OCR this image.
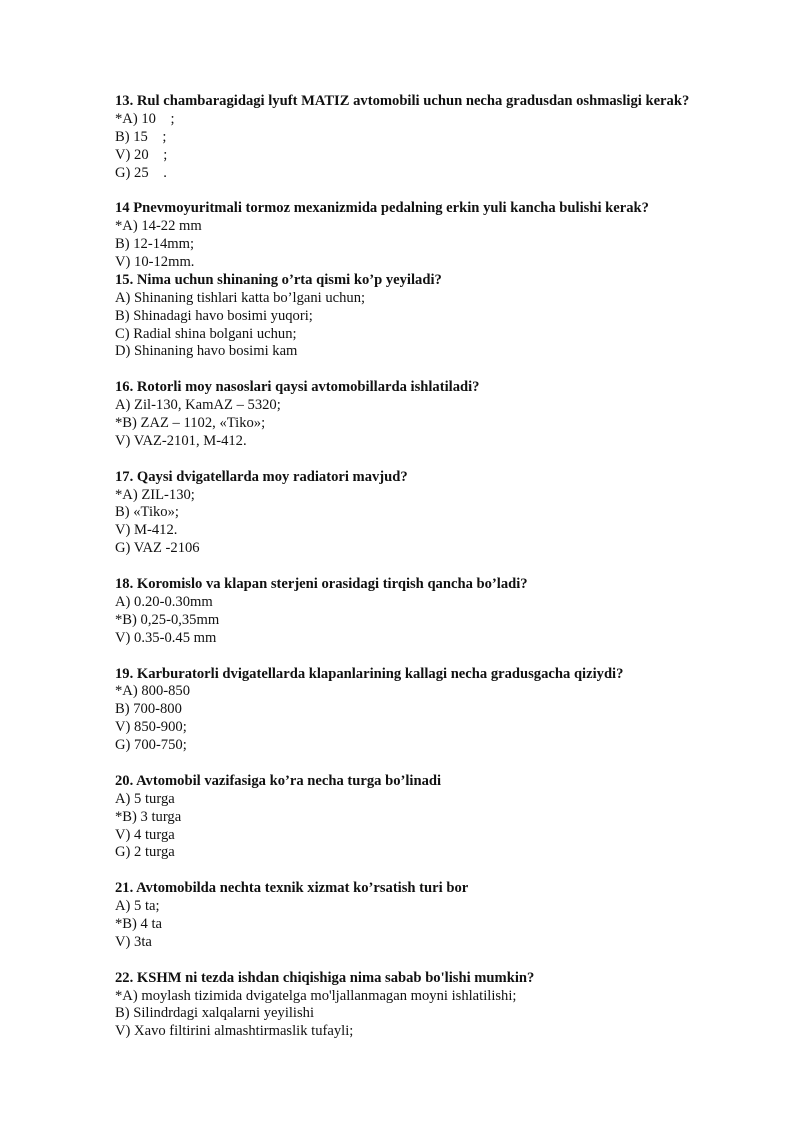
13. Rul chambaragidagi lyuft MATIZ avtomobili uchun necha gradusdan oshmasligi kerak?
*A) 10    ;
B) 15    ;
V) 20    ;
G) 25    .
14 Pnevmoyuritmali tormoz mexanizmida pedalning erkin yuli kancha bulishi kerak?
*A) 14-22 mm
B) 12-14mm;
V) 10-12mm.
15. Nima uchun shinaning o’rta qismi ko’p yeyiladi?
A) Shinaning tishlari katta bo’lgani uchun;
B) Shinadagi havo bosimi yuqori;
C) Radial shina bolgani uchun;
D) Shinaning havo bosimi kam
16. Rotorli moy nasoslari qaysi avtomobillarda ishlatiladi?
A) Zil-130, KamAZ – 5320;
*B) ZAZ – 1102, «Tiko»;
V) VAZ-2101, M-412.
17. Qaysi dvigatellarda moy radiatori mavjud?
*A) ZIL-130;
B) «Tiko»;
V) M-412.
G) VAZ -2106
18. Koromislo va klapan sterjeni orasidagi tirqish qancha bo’ladi?
A) 0.20-0.30mm
*B) 0,25-0,35mm
V) 0.35-0.45 mm
19. Karburatorli dvigatellarda klapanlarining kallagi necha gradusgacha qiziydi?
*A) 800-850
B) 700-800
V) 850-900;
G) 700-750;
20. Avtomobil vazifasiga ko’ra necha turga bo’linadi
A) 5 turga
*B) 3 turga
V) 4 turga
G) 2 turga
21. Avtomobilda nechta texnik xizmat ko’rsatish turi bor
A) 5 ta;
*B) 4 ta
V) 3ta
22. KSHM ni tezda ishdan chiqishiga nima sabab bo'lishi mumkin?
*A) moylash tizimida dvigatelga mo'ljallanmagan moyni ishlatilishi;
B) Silindrdagi xalqalarni yeyilishi
V) Xavo filtirini almashtirmaslik tufayli;
